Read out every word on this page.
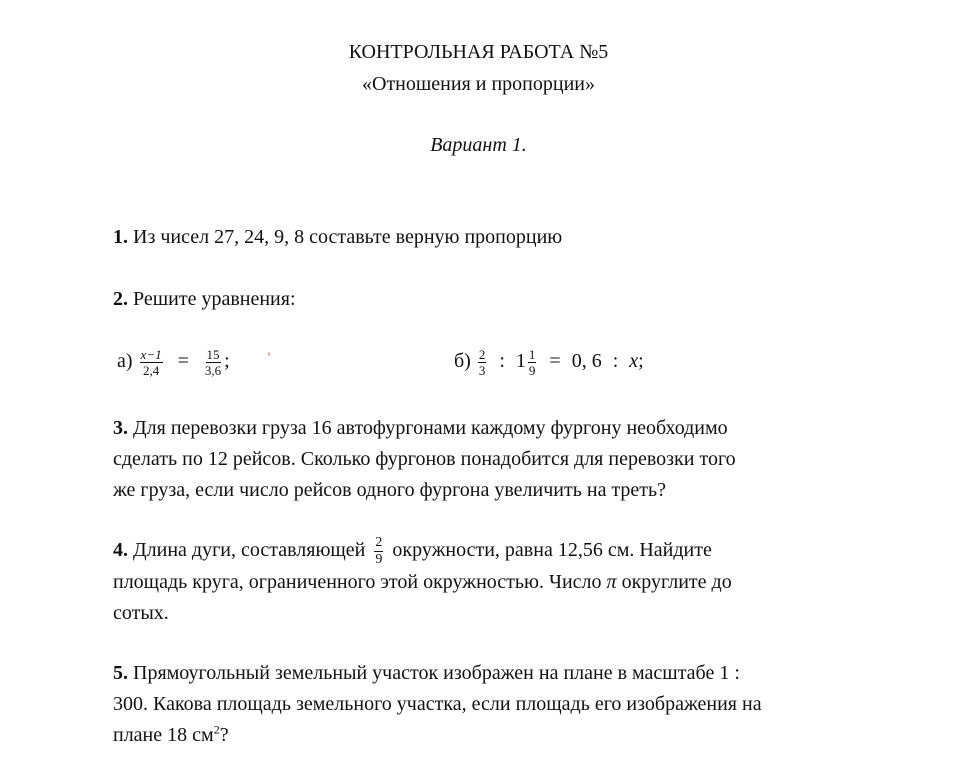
КОНТРОЛЬНАЯ РАБОТА №5
«Отношения и пропорции»
Вариант 1.
1. Из чисел 27, 24, 9, 8 составьте верную пропорцию
2. Решите уравнения:
$а) \frac{x-1}{2,4} = \frac{15}{3,6}$ ;	ᵏ	$б) \frac{2}{3}$ : $1 \frac{1}{9} = 0$, 6 : x;
3. Для перевозки груза 16 автофургонами каждому фургону необходимо
сделать по 12 рейсов. Сколько фургонов понадобится для перевозки того
же груза, если число рейсов одного фургона увеличить на треть?
4. Длина дуги, составляющей $\frac{2}{9}$ окружности, равна 12,56 см. Найдите
площадь круга, ограниченного этой окружностью. Число π округлите до
сотых.
5. Прямоугольный земельный участок изображен на плане в масштабе 1 :
300. Какова площадь земельного участка, если площадь его изображения на
плане 18 $см^2$?
